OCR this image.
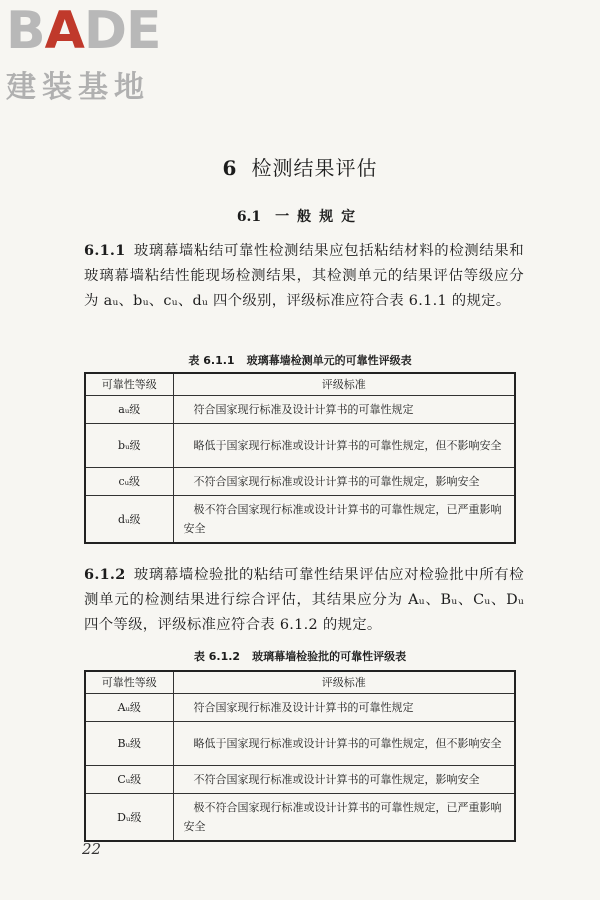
B A DE
建装基地
6 检测结果评估
6.1 一般规定

6.1.1 玻璃幕墙粘结可靠性检测结果应包括粘结材料的检测结果和玻璃幕墙粘结性能现场检测结果，其检测单元的结果评估等级应分为 aᵤ、bᵤ、cᵤ、dᵤ 四个级别，评级标准应符合表 6.1.1 的规定。

表 6.1.1 玻璃幕墙检测单元的可靠性评级表
可靠性等级	评级标准
aᵤ级	符合国家现行标准及设计计算书的可靠性规定
bᵤ级	略低于国家现行标准或设计计算书的可靠性规定，但不影响安全
cᵤ级	不符合国家现行标准或设计计算书的可靠性规定，影响安全
dᵤ级	极不符合国家现行标准或设计计算书的可靠性规定，已严重影响安全

6.1.2 玻璃幕墙检验批的粘结可靠性结果评估应对检验批中所有检测单元的检测结果进行综合评估，其结果应分为 Aᵤ、Bᵤ、Cᵤ、Dᵤ 四个等级，评级标准应符合表 6.1.2 的规定。

表 6.1.2 玻璃幕墙检验批的可靠性评级表
可靠性等级	评级标准
Aᵤ级	符合国家现行标准及设计计算书的可靠性规定
Bᵤ级	略低于国家现行标准或设计计算书的可靠性规定，但不影响安全
Cᵤ级	不符合国家现行标准或设计计算书的可靠性规定，影响安全
Dᵤ级	极不符合国家现行标准或设计计算书的可靠性规定，已严重影响安全
22
